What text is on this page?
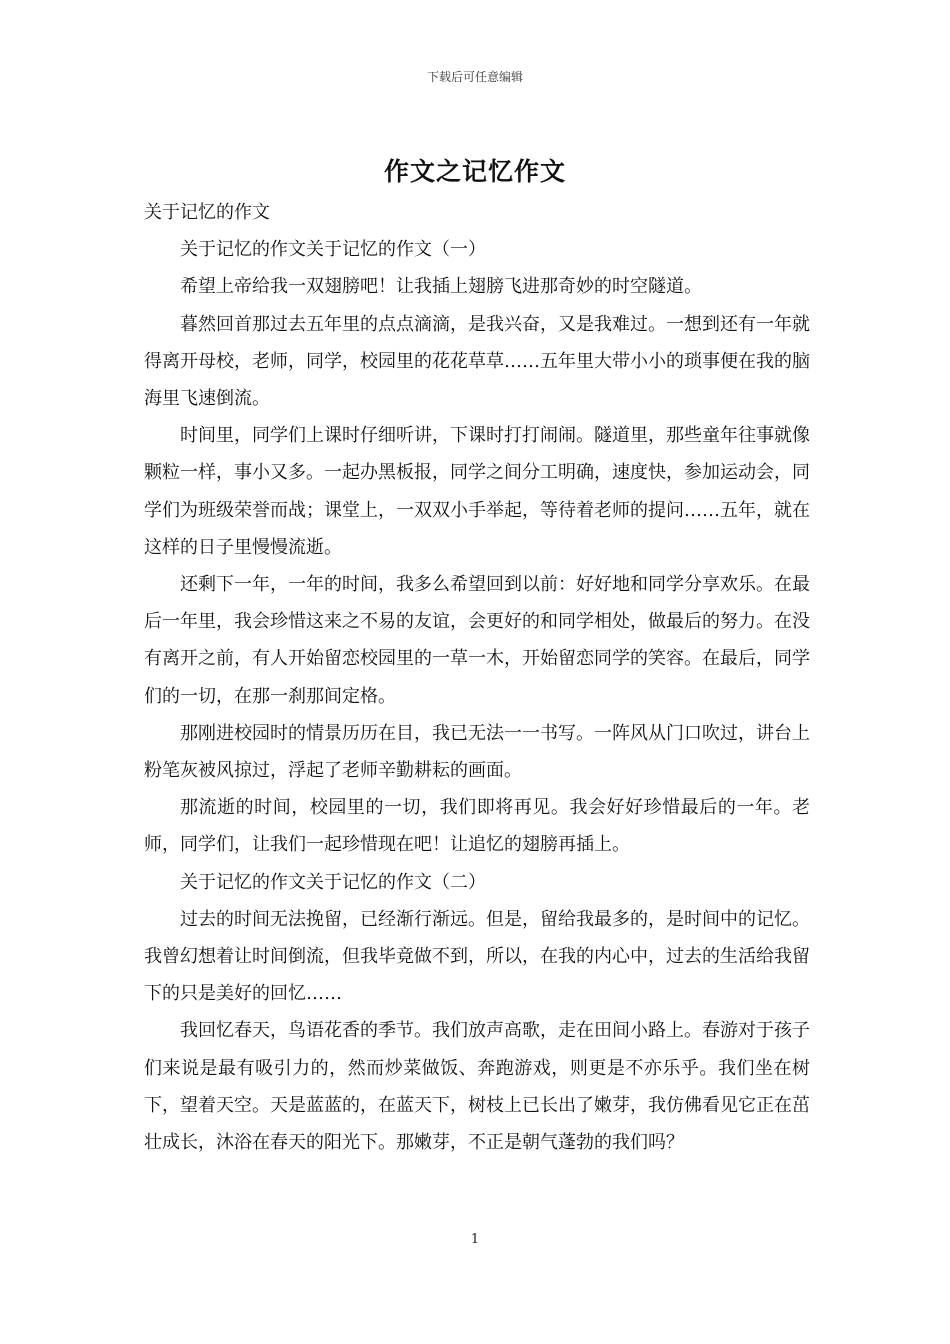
下载后可任意编辑
作文之记忆作文

关于记忆的作文

关于记忆的作文关于记忆的作文（一）

希望上帝给我一双翅膀吧！让我插上翅膀飞进那奇妙的时空隧道。

暮然回首那过去五年里的点点滴滴，是我兴奋，又是我难过。一想到还有一年就得离开母校，老师，同学，校园里的花花草草……五年里大带小小的琐事便在我的脑海里飞速倒流。

时间里，同学们上课时仔细听讲，下课时打打闹闹。隧道里，那些童年往事就像颗粒一样，事小又多。一起办黑板报，同学之间分工明确，速度快，参加运动会，同学们为班级荣誉而战；课堂上，一双双小手举起，等待着老师的提问……五年，就在这样的日子里慢慢流逝。

还剩下一年，一年的时间，我多么希望回到以前：好好地和同学分享欢乐。在最后一年里，我会珍惜这来之不易的友谊，会更好的和同学相处，做最后的努力。在没有离开之前，有人开始留恋校园里的一草一木，开始留恋同学的笑容。在最后，同学们的一切，在那一刹那间定格。

那刚进校园时的情景历历在目，我已无法一一书写。一阵风从门口吹过，讲台上粉笔灰被风掠过，浮起了老师辛勤耕耘的画面。

那流逝的时间，校园里的一切，我们即将再见。我会好好珍惜最后的一年。老师，同学们，让我们一起珍惜现在吧！让追忆的翅膀再插上。

关于记忆的作文关于记忆的作文（二）

过去的时间无法挽留，已经渐行渐远。但是，留给我最多的，是时间中的记忆。我曾幻想着让时间倒流，但我毕竟做不到，所以，在我的内心中，过去的生活给我留下的只是美好的回忆……

我回忆春天，鸟语花香的季节。我们放声高歌，走在田间小路上。春游对于孩子们来说是最有吸引力的，然而炒菜做饭、奔跑游戏，则更是不亦乐乎。我们坐在树下，望着天空。天是蓝蓝的，在蓝天下，树枝上已长出了嫩芽，我仿佛看见它正在茁壮成长，沐浴在春天的阳光下。那嫩芽，不正是朝气蓬勃的我们吗？

1
